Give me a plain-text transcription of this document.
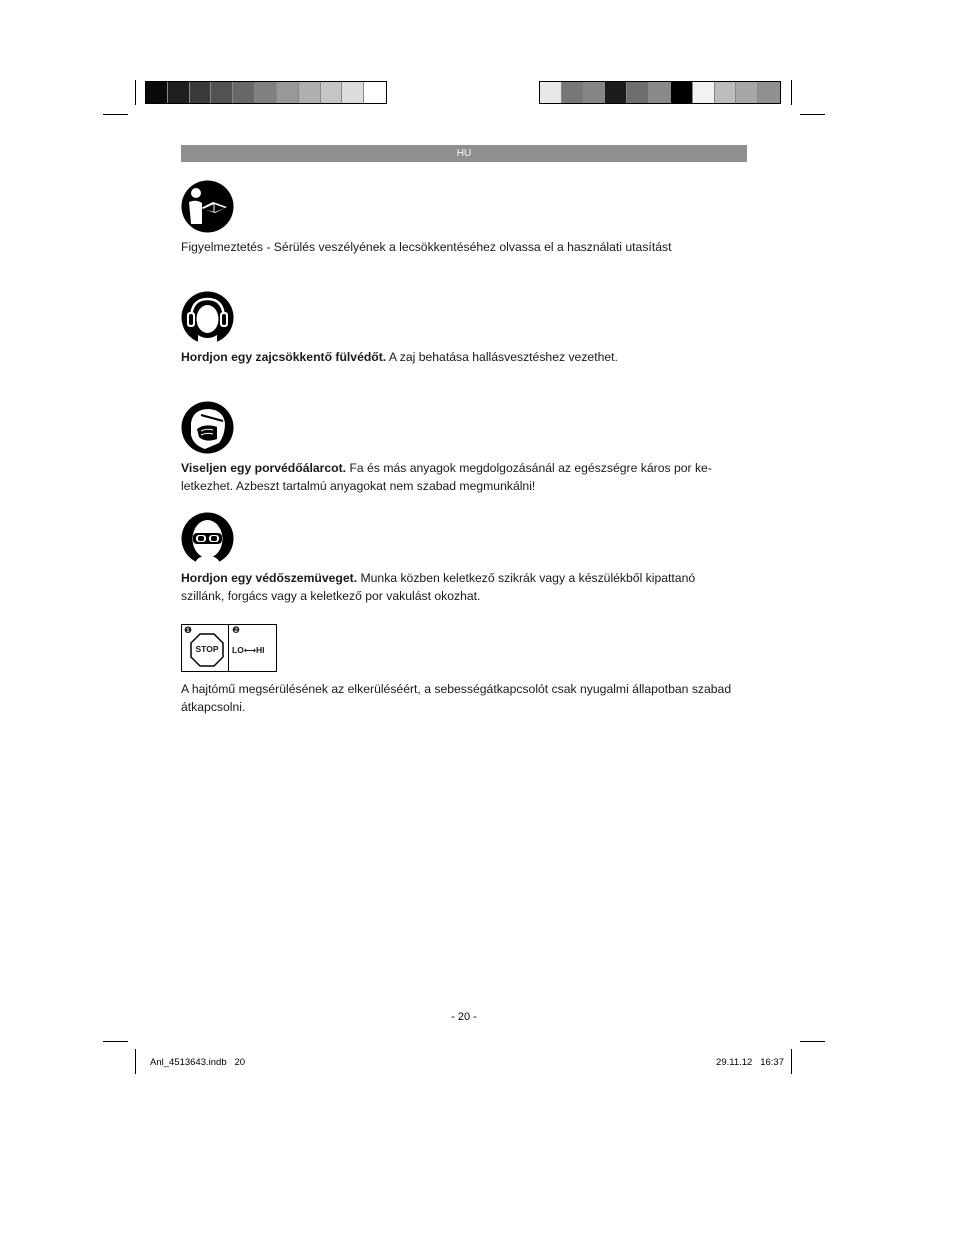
HU
Figyelmeztetés - Sérülés veszélyének a lecsökkentéséhez olvassa el a használati utasítást
Hordjon egy zajcsökkentő fülvédőt. A zaj behatása hallásvesztéshez vezethet.
Viseljen egy porvédőálarcot. Fa és más anyagok megdolgozásánál az egészségre káros por ke-
letkezhet. Azbeszt tartalmú anyagokat nem szabad megmunkálni!
Hordjon egy védőszemüveget. Munka közben keletkező szikrák vagy a készülékből kipattanó
szillánk, forgács vagy a keletkező por vakulást okozhat.
❶	❷
STOP	LO⟷HI
A hajtómű megsérülésének az elkerüléséért, a sebességátkapcsolót csak nyugalmi állapotban szabad
átkapcsolni.
- 20 -
Anl_4513643.indb   20	29.11.12   16:37
